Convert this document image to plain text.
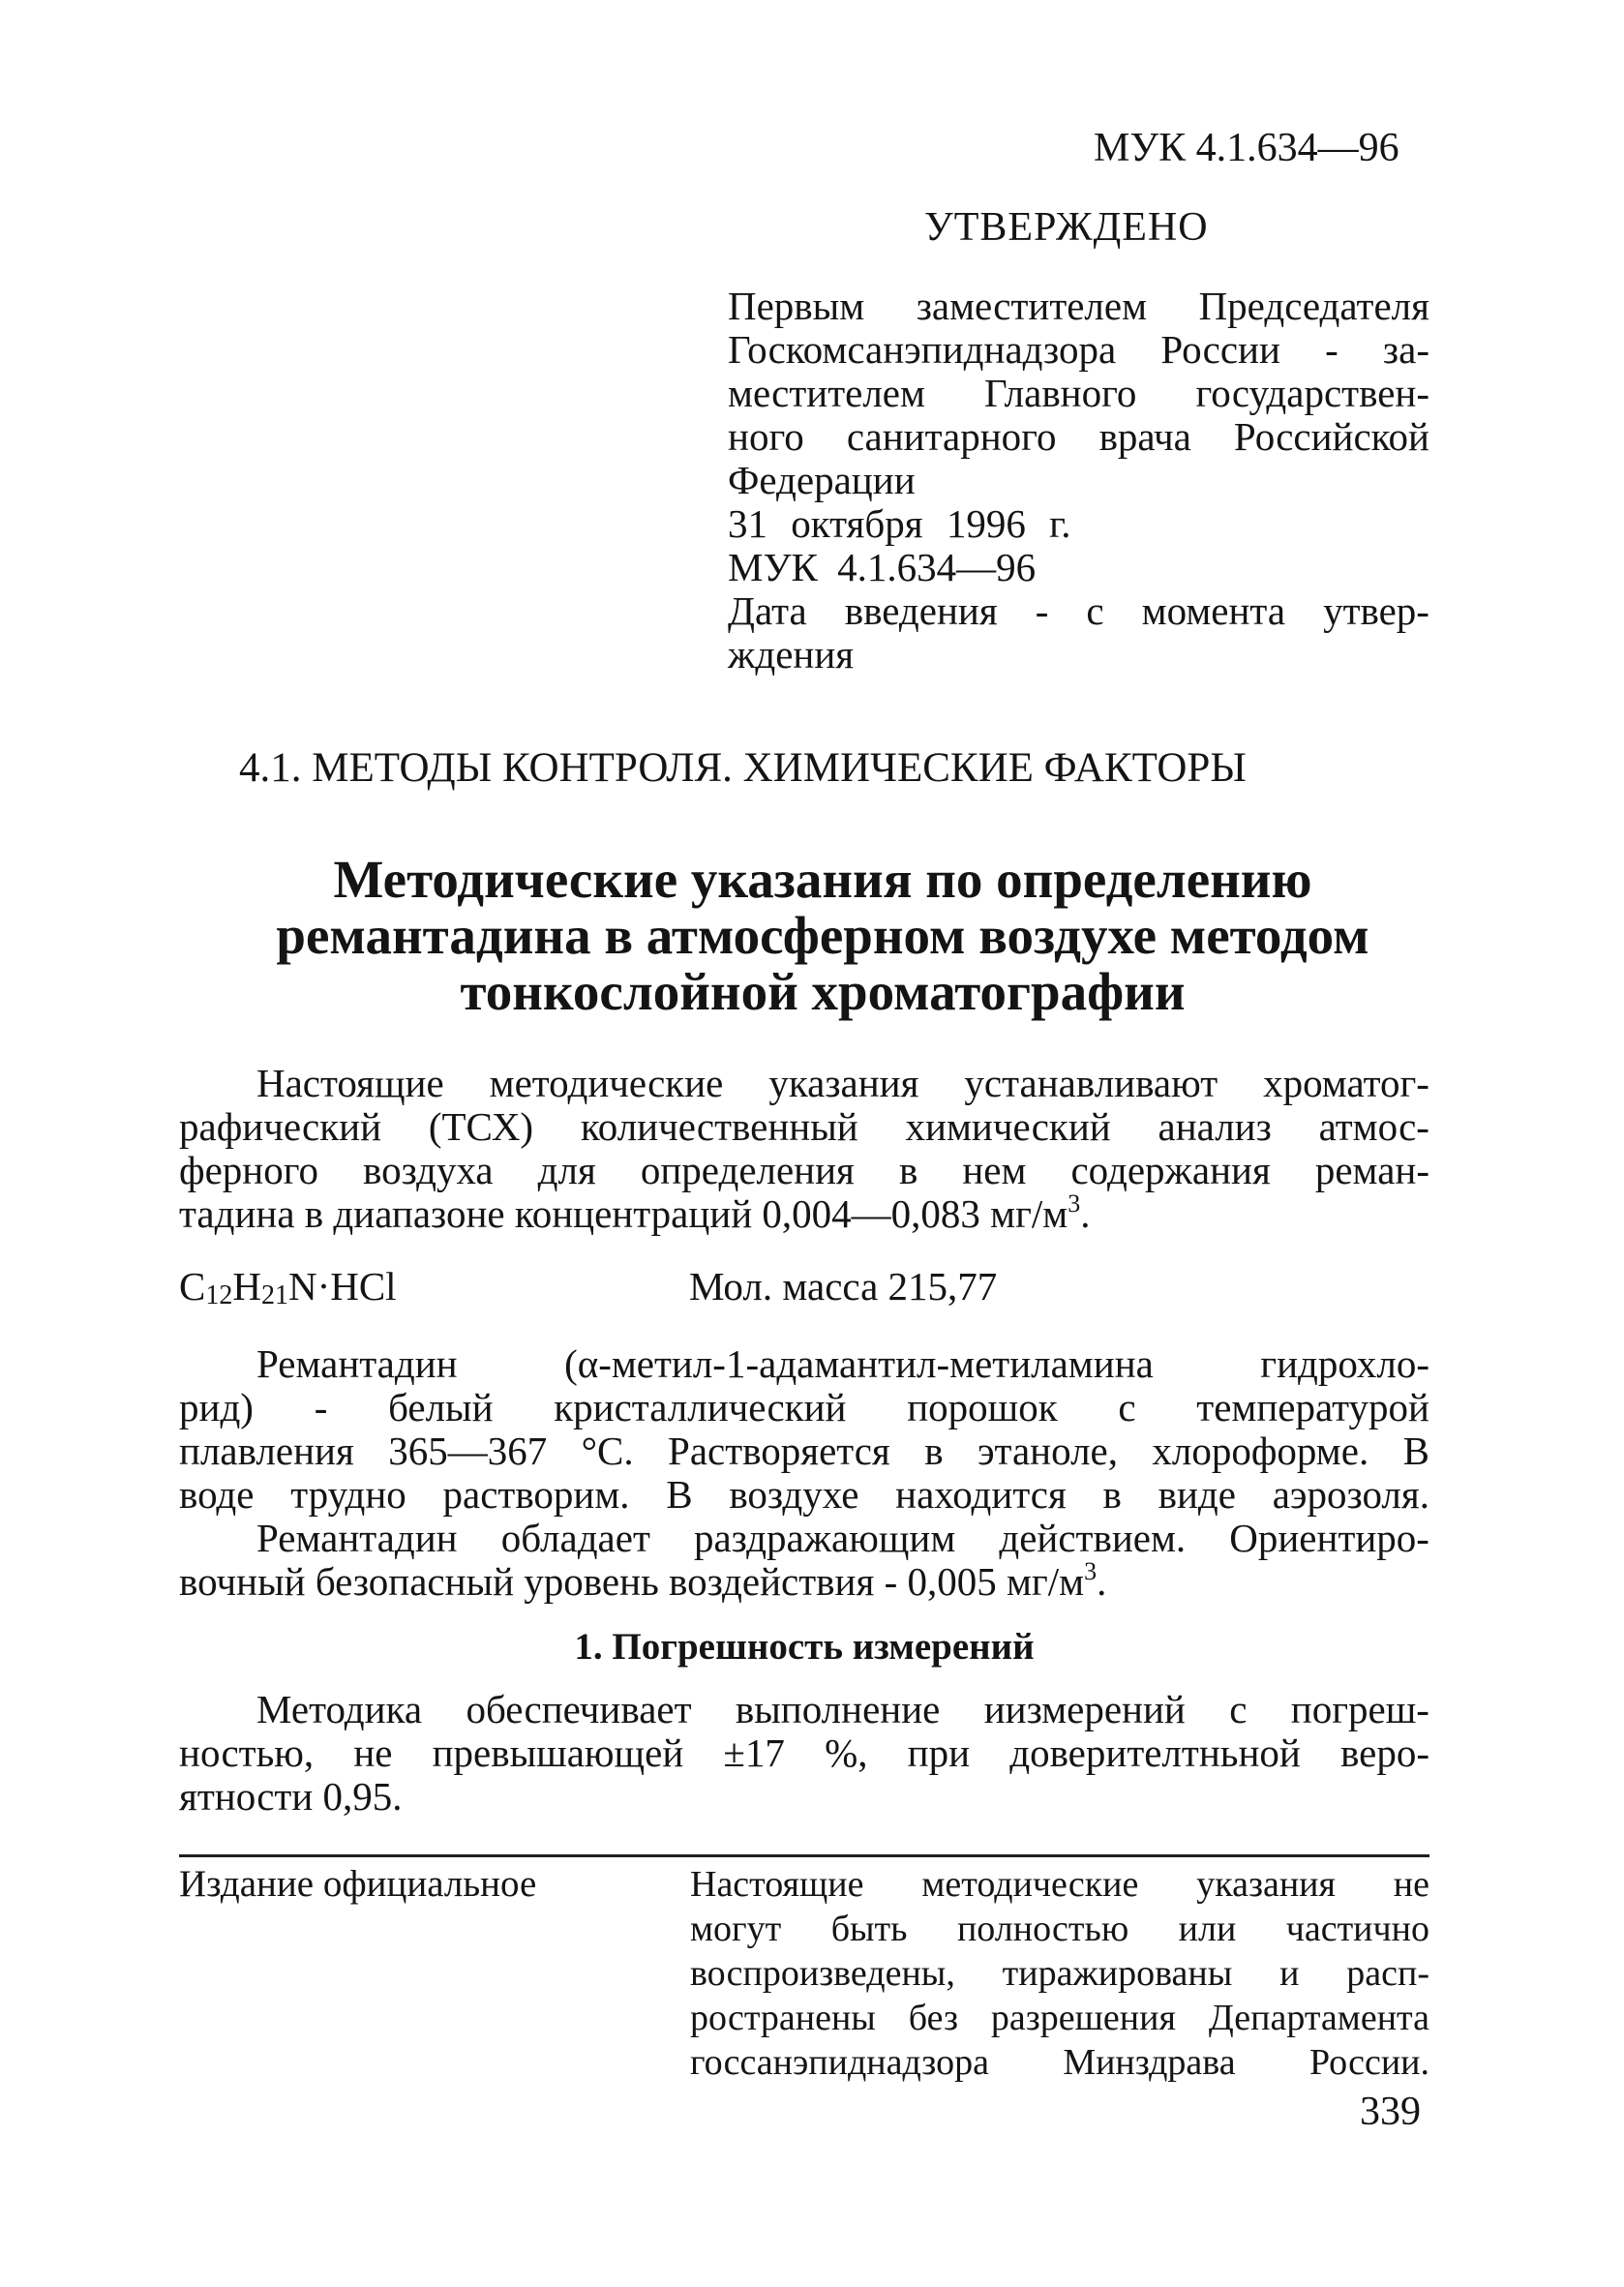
МУК 4.1.634—96
УТВЕРЖДЕНО
Первым заместителем Председателя
Госкомсанэпиднадзора России - за-
местителем Главного государствен-
ного санитарного врача Российской
Федерации
31 октября 1996 г.
МУК 4.1.634—96
Дата введения - с момента утвер-
ждения
4.1. МЕТОДЫ КОНТРОЛЯ. ХИМИЧЕСКИЕ ФАКТОРЫ
Методические указания по определению
ремантадина в атмосферном воздухе методом
тонкослойной хроматографии
Настоящие методические указания устанавливают хроматог-
рафический (ТСХ) количественный химический анализ атмос-
ферного воздуха для определения в нем содержания реман-
тадина в диапазоне концентраций 0,004—0,083 $мг/м^3$.
$C_{12}H_{21}N\cdot HCl$	Мол. масса 215,77
Ремантадин	(α-метил-1-адамантил-метиламина	гидрохло-
рид) - белый кристаллический порошок с температурой
плавления 365—367 °С. Растворяется в этаноле, хлороформе. В
воде трудно растворим. В воздухе находится в виде аэрозоля.
Ремантадин обладает раздражающим действием. Ориентиро-
вочный безопасный уровень воздействия - 0,005 $мг/м^3$.
1. Погрешность измерений
Методика обеспечивает выполнение иизмерений с погреш-
ностью, не превышающей ±17 %, при доверителтньной веро-
ятности 0,95.
Издание официальное	Настоящие методические указания не
могут быть полностью или частично
воспроизведены, тиражированы и расп-
ространены без разрешения Департамента
госсанэпиднадзора Минздрава России.
339
